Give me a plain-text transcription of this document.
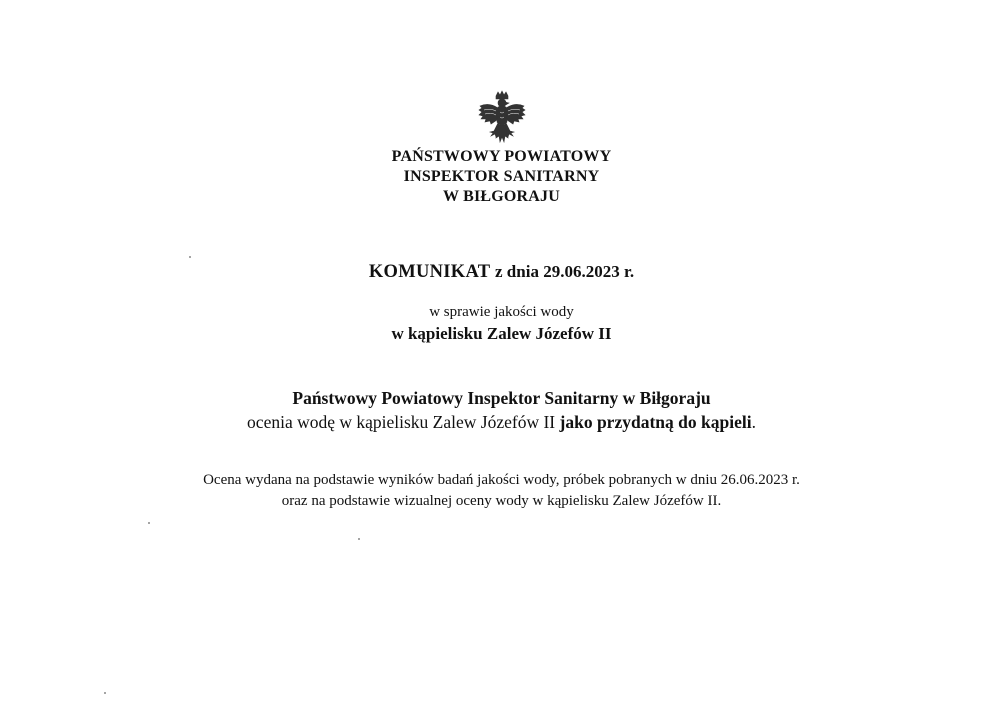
PAŃSTWOWY POWIATOWY
INSPEKTOR SANITARNY
W BIŁGORAJU
KOMUNIKAT z dnia 29.06.2023 r.
w sprawie jakości wody
w kąpielisku Zalew Józefów II
Państwowy Powiatowy Inspektor Sanitarny w Biłgoraju
ocenia wodę w kąpielisku Zalew Józefów II jako przydatną do kąpieli.
Ocena wydana na podstawie wyników badań jakości wody, próbek pobranych w dniu 26.06.2023 r.
oraz na podstawie wizualnej oceny wody w kąpielisku Zalew Józefów II.
